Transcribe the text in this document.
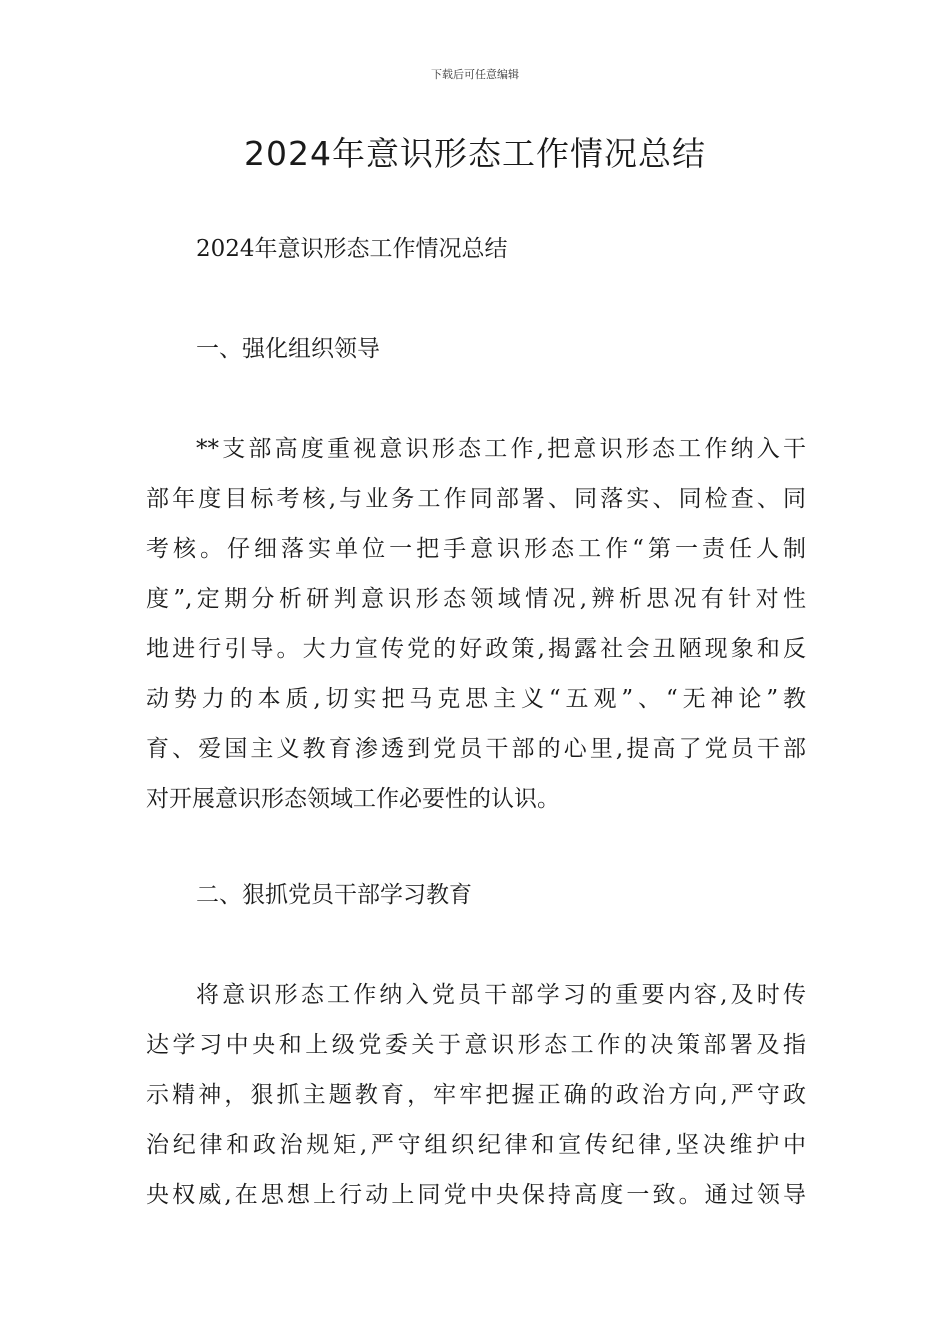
下载后可任意编辑
2024年意识形态工作情况总结
2024年意识形态工作情况总结
一、强化组织领导
**支部高度重视意识形态工作,把意识形态工作纳入干
部年度目标考核,与业务工作同部署、同落实、同检查、同
考核。仔细落实单位一把手意识形态工作“第一责任人制
度”,定期分析研判意识形态领域情况,辨析思况有针对性
地进行引导。大力宣传党的好政策,揭露社会丑陋现象和反
动势力的本质,切实把马克思主义“五观”、“无神论”教
育、爱国主义教育渗透到党员干部的心里,提高了党员干部
对开展意识形态领域工作必要性的认识。
二、狠抓党员干部学习教育
将意识形态工作纳入党员干部学习的重要内容,及时传
达学习中央和上级党委关于意识形态工作的决策部署及指
示精神，狠抓主题教育，牢牢把握正确的政治方向,严守政
治纪律和政治规矩,严守组织纪律和宣传纪律,坚决维护中
央权威,在思想上行动上同党中央保持高度一致。通过领导
